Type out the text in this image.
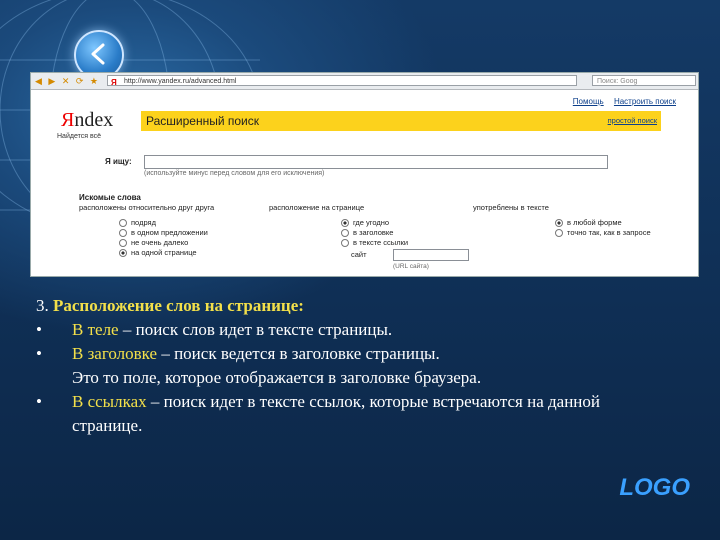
◀ ▶ ✕ ⟳ ★ Я http://www.yandex.ru/advanced.html	Поиск: Goog
Помощь Настроить поиск
Яndex
Найдется всё
Расширенный поиск	простой поиск
Я ищу:
(используйте минус перед словом для его исключения)
Искомые слова
расположены относительно друг друга	расположение на странице	употреблены в тексте
подряд
в одном предложении
не очень далеко
на одной странице
где угодно
в заголовке
в тексте ссылки
сайт
(URL сайта)
в любой форме
точно так, как в запросе
3. Расположение слов на странице:
• В теле – поиск слов идет в тексте страницы.
• В заголовке – поиск ведется в заголовке страницы.
Это то поле, которое отображается в заголовке браузера.
• В ссылках – поиск идет в тексте ссылок, которые встречаются на данной
странице.
LOGO
